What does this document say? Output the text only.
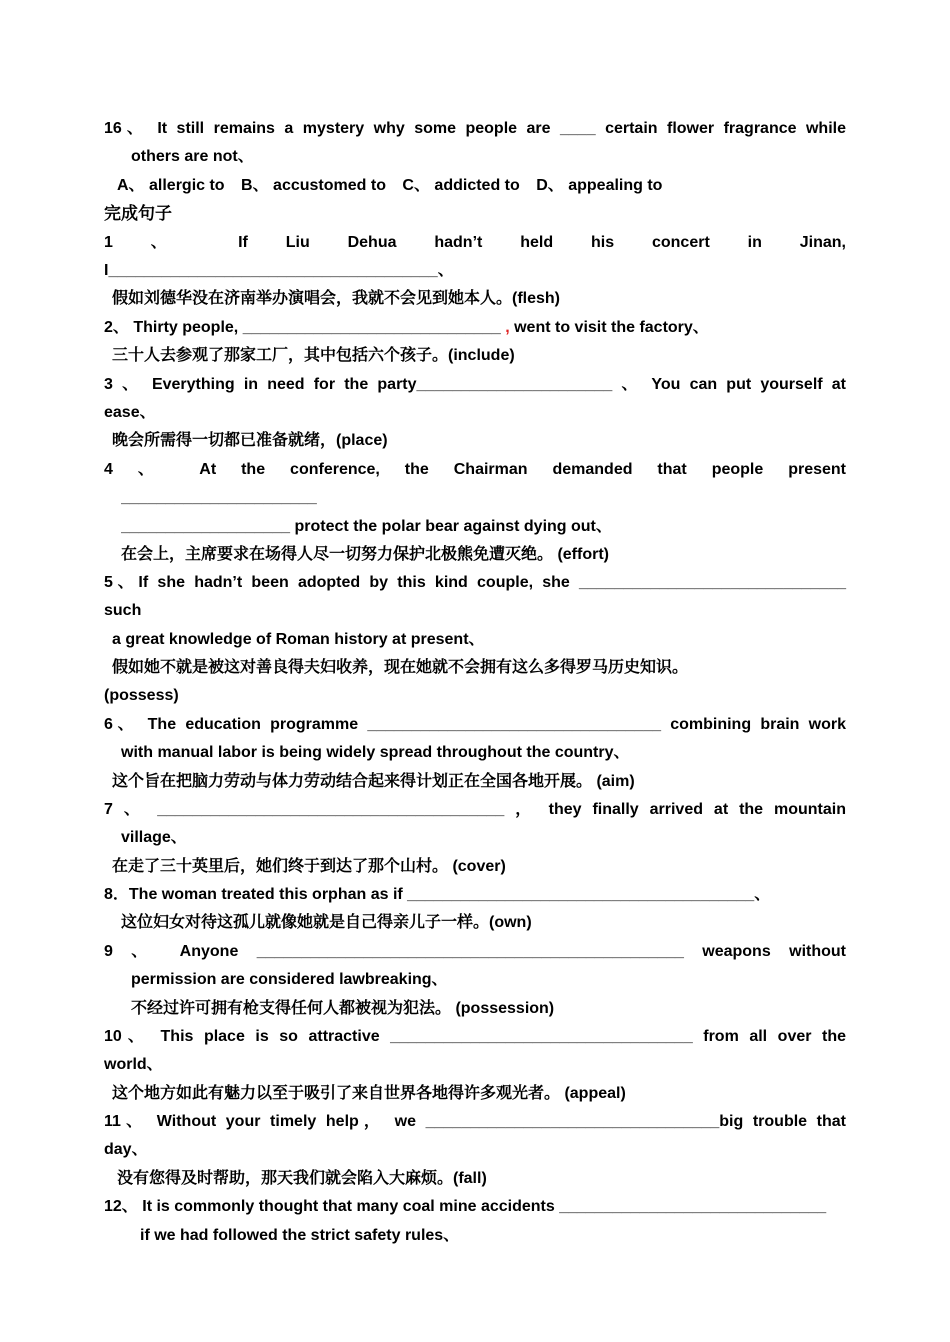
16、 It still remains a mystery why some people are ____ certain flower fragrance while
others are not、
A、 allergic to B、 accustomed to C、 addicted to D、 appealing to
完成句子
1 、 If Liu Dehua hadn’t held his concert in Jinan,
I_____________________________________、
假如刘德华没在济南举办演唱会，我就不会见到她本人。(flesh)
2、 Thirty people, _____________________________ , went to visit the factory、
三十人去参观了那家工厂，其中包括六个孩子。(include)
3 、 Everything in need for the party______________________ 、 You can put yourself at
ease、
晚会所需得一切都已准备就绪，(place)
4 、 At the conference, the Chairman demanded that people present
______________________
___________________ protect the polar bear against dying out、
在会上，主席要求在场得人尽一切努力保护北极熊免遭灭绝。 (effort)
5、If she hadn’t been adopted by this kind couple, she ______________________________
such
a great knowledge of Roman history at present、
假如她不就是被这对善良得夫妇收养，现在她就不会拥有这么多得罗马历史知识。
(possess)
6、 The education programme _________________________________ combining brain work
with manual labor is being widely spread throughout the country、
这个旨在把脑力劳动与体力劳动结合起来得计划正在全国各地开展。 (aim)
7 、 _______________________________________ ， they finally arrived at the mountain
village、
在走了三十英里后，她们终于到达了那个山村。 (cover)
8．The woman treated this orphan as if _______________________________________、
这位妇女对待这孤儿就像她就是自己得亲儿子一样。(own)
9 、 Anyone ________________________________________________ weapons without
permission are considered lawbreaking、
不经过许可拥有枪支得任何人都被视为犯法。 (possession)
10、 This place is so attractive __________________________________ from all over the
world、
这个地方如此有魅力以至于吸引了来自世界各地得许多观光者。 (appeal)
11、 Without your timely help， we _________________________________big trouble that
day、
没有您得及时帮助，那天我们就会陷入大麻烦。(fall)
12、 It is commonly thought that many coal mine accidents ______________________________
if we had followed the strict safety rules、
